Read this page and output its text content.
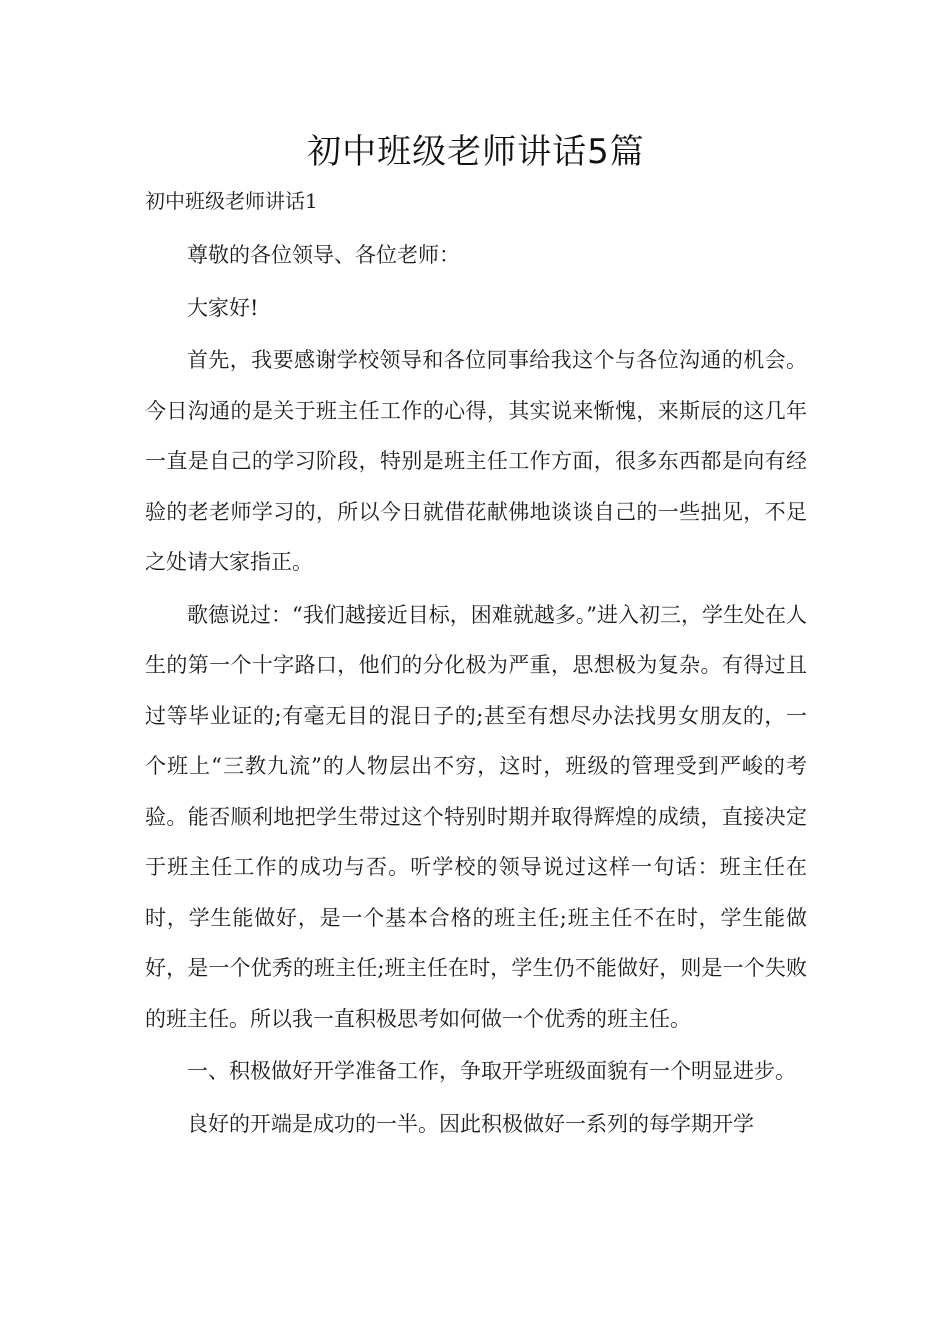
初中班级老师讲话5篇
初中班级老师讲话1

尊敬的各位领导、各位老师：

大家好!

首先，我要感谢学校领导和各位同事给我这个与各位沟通的机会。今日沟通的是关于班主任工作的心得，其实说来惭愧，来斯辰的这几年一直是自己的学习阶段，特别是班主任工作方面，很多东西都是向有经验的老老师学习的，所以今日就借花献佛地谈谈自己的一些拙见，不足之处请大家指正。

歌德说过：“我们越接近目标，困难就越多。”进入初三，学生处在人生的第一个十字路口，他们的分化极为严重，思想极为复杂。有得过且过等毕业证的;有毫无目的混日子的;甚至有想尽办法找男女朋友的，一个班上“三教九流”的人物层出不穷，这时，班级的管理受到严峻的考验。能否顺利地把学生带过这个特别时期并取得辉煌的成绩，直接决定于班主任工作的成功与否。听学校的领导说过这样一句话：班主任在时，学生能做好，是一个基本合格的班主任;班主任不在时，学生能做好，是一个优秀的班主任;班主任在时，学生仍不能做好，则是一个失败的班主任。所以我一直积极思考如何做一个优秀的班主任。

一、积极做好开学准备工作，争取开学班级面貌有一个明显进步。

良好的开端是成功的一半。因此积极做好一系列的每学期开学
